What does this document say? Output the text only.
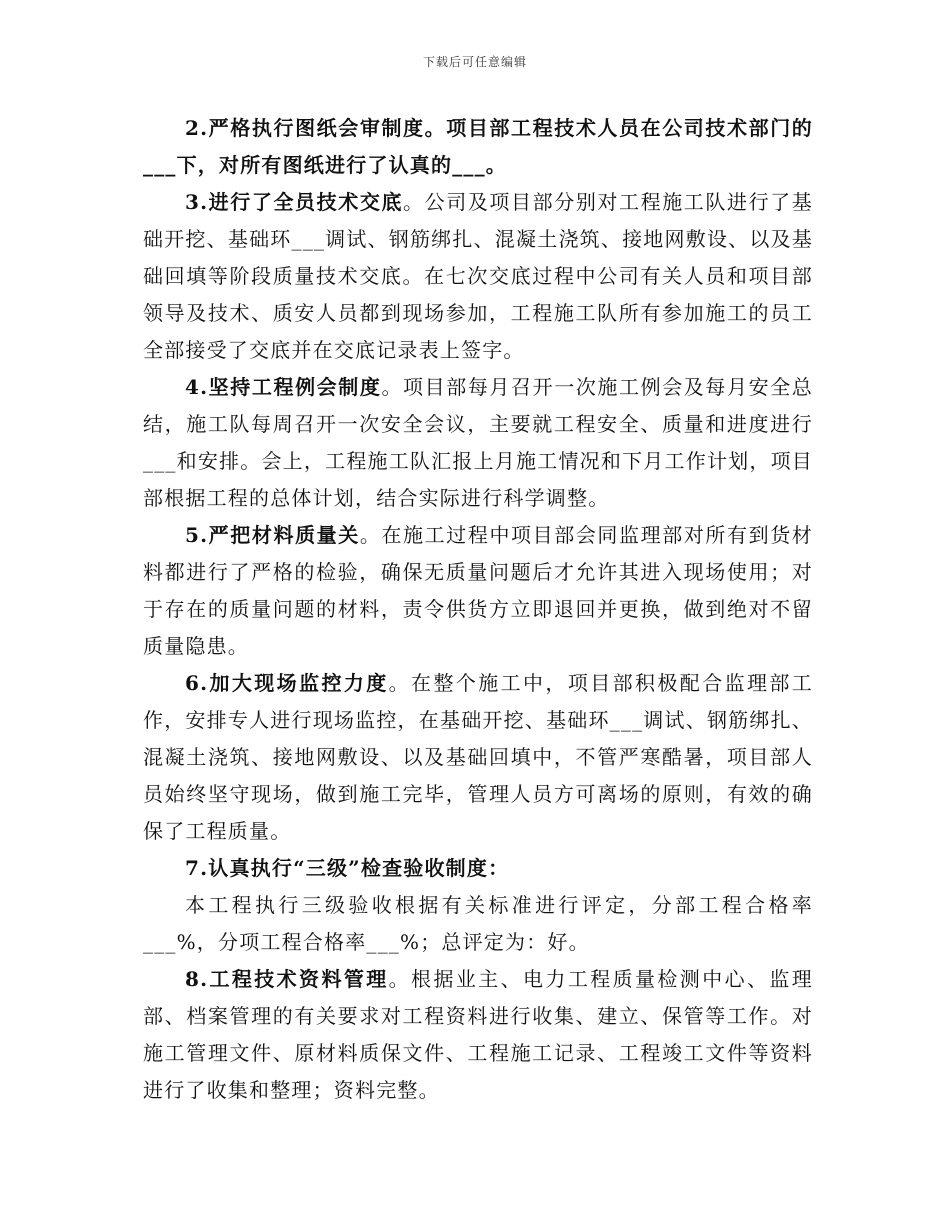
下载后可任意编辑

2.严格执行图纸会审制度。项目部工程技术人员在公司技术部门的___下，对所有图纸进行了认真的___。

3.进行了全员技术交底。公司及项目部分别对工程施工队进行了基础开挖、基础环___调试、钢筋绑扎、混凝土浇筑、接地网敷设、以及基础回填等阶段质量技术交底。在七次交底过程中公司有关人员和项目部领导及技术、质安人员都到现场参加，工程施工队所有参加施工的员工全部接受了交底并在交底记录表上签字。

4.坚持工程例会制度。项目部每月召开一次施工例会及每月安全总结，施工队每周召开一次安全会议，主要就工程安全、质量和进度进行___和安排。会上，工程施工队汇报上月施工情况和下月工作计划，项目部根据工程的总体计划，结合实际进行科学调整。

5.严把材料质量关。在施工过程中项目部会同监理部对所有到货材料都进行了严格的检验，确保无质量问题后才允许其进入现场使用；对于存在的质量问题的材料，责令供货方立即退回并更换，做到绝对不留质量隐患。

6.加大现场监控力度。在整个施工中，项目部积极配合监理部工作，安排专人进行现场监控，在基础开挖、基础环___调试、钢筋绑扎、混凝土浇筑、接地网敷设、以及基础回填中，不管严寒酷暑，项目部人员始终坚守现场，做到施工完毕，管理人员方可离场的原则，有效的确保了工程质量。

7.认真执行“三级”检查验收制度：

本工程执行三级验收根据有关标准进行评定，分部工程合格率___%，分项工程合格率___%；总评定为：好。

8.工程技术资料管理。根据业主、电力工程质量检测中心、监理部、档案管理的有关要求对工程资料进行收集、建立、保管等工作。对施工管理文件、原材料质保文件、工程施工记录、工程竣工文件等资料进行了收集和整理；资料完整。
